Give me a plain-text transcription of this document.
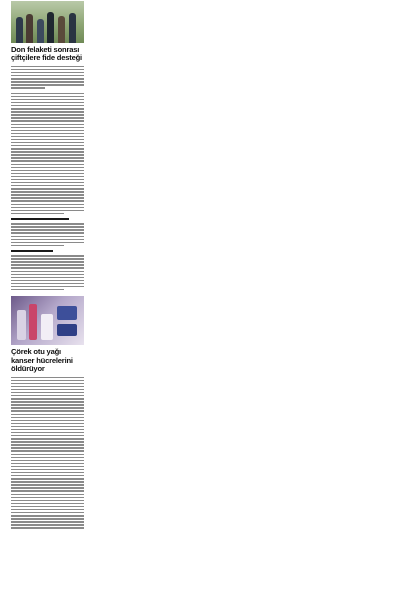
Don felaketi sonrası çiftçilere fide desteği
Çörek otu yağı kanser hücrelerini öldürüyor
